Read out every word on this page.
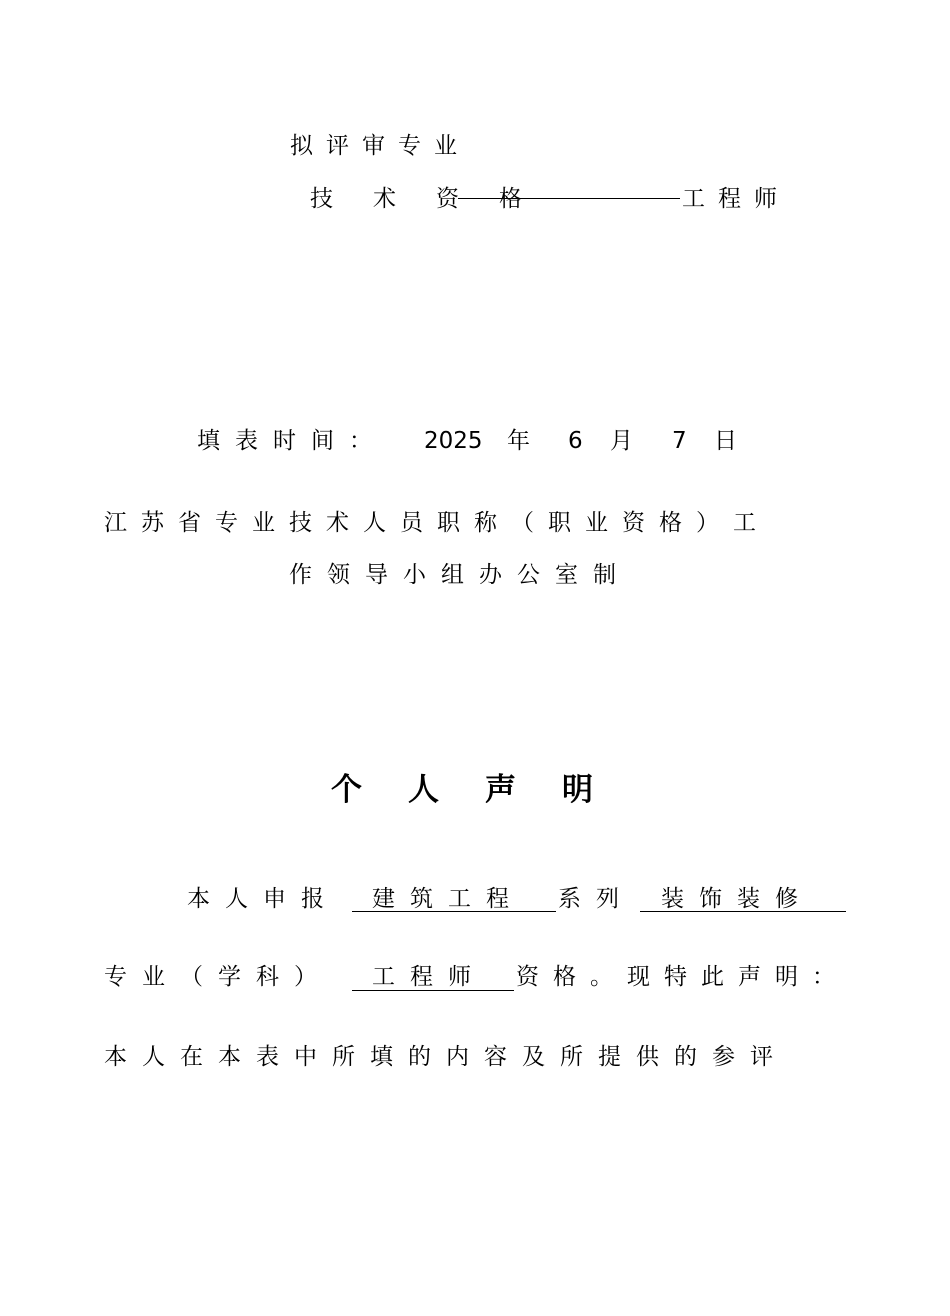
拟评审专业
技术资格	工程师
填表时间： 2025 年 6 月 7 日
江苏省专业技术人员职称（职业资格）工
作领导小组办公室制
个人声明
本人申报 建筑工程 系列 装饰装修
专业（学科） 工程师 资格。现特此声明：
本人在本表中所填的内容及所提供的参评
